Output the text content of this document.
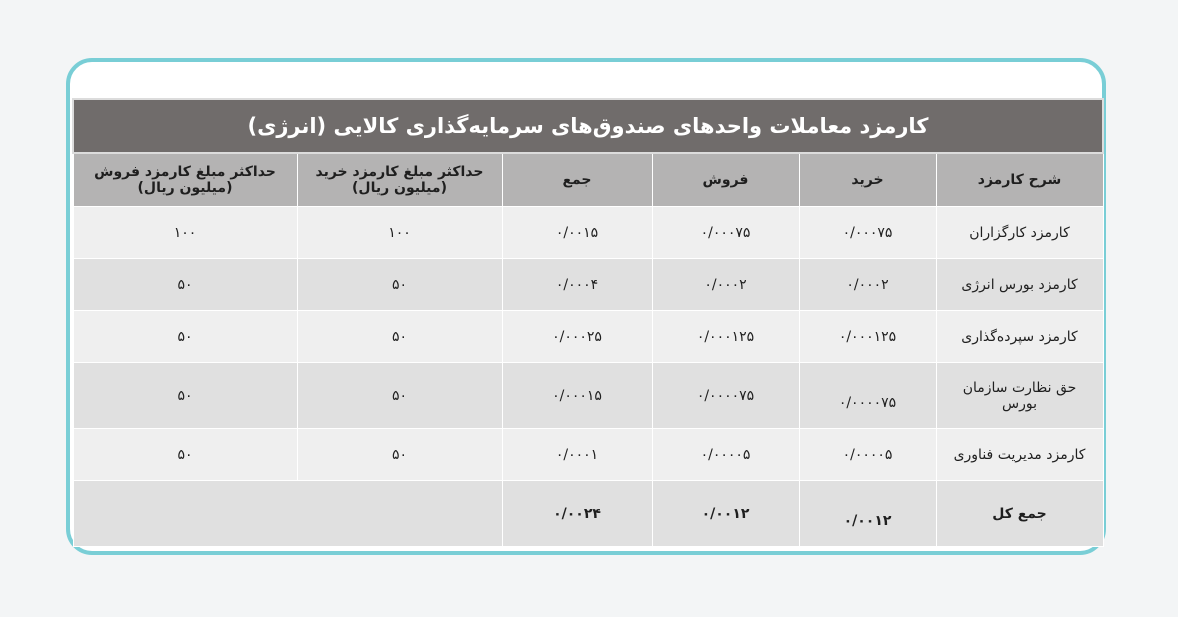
کارمزد معاملات واحدهای صندوق‌های سرمایه‌گذاری کالایی (انرژی)					
شرح کارمزد	خرید	فروش	جمع	حداکثر مبلغ کارمزد خرید (میلیون ریال)	حداکثر مبلغ کارمزد فروش (میلیون ریال)
کارمزد کارگزاران	۰/۰۰۰۷۵	۰/۰۰۰۷۵	۰/۰۰۱۵	۱۰۰	۱۰۰
کارمزد بورس انرژی	۰/۰۰۰۲	۰/۰۰۰۲	۰/۰۰۰۴	۵۰	۵۰
کارمزد سپرده‌گذاری	۰/۰۰۰۱۲۵	۰/۰۰۰۱۲۵	۰/۰۰۰۲۵	۵۰	۵۰
حق نظارت سازمان بورس	۰/۰۰۰۰۷۵	۰/۰۰۰۰۷۵	۰/۰۰۰۱۵	۵۰	۵۰
کارمزد مدیریت فناوری	۰/۰۰۰۰۵	۰/۰۰۰۰۵	۰/۰۰۰۱	۵۰	۵۰
جمع کل	۰/۰۰۱۲	۰/۰۰۱۲	۰/۰۰۲۴		
